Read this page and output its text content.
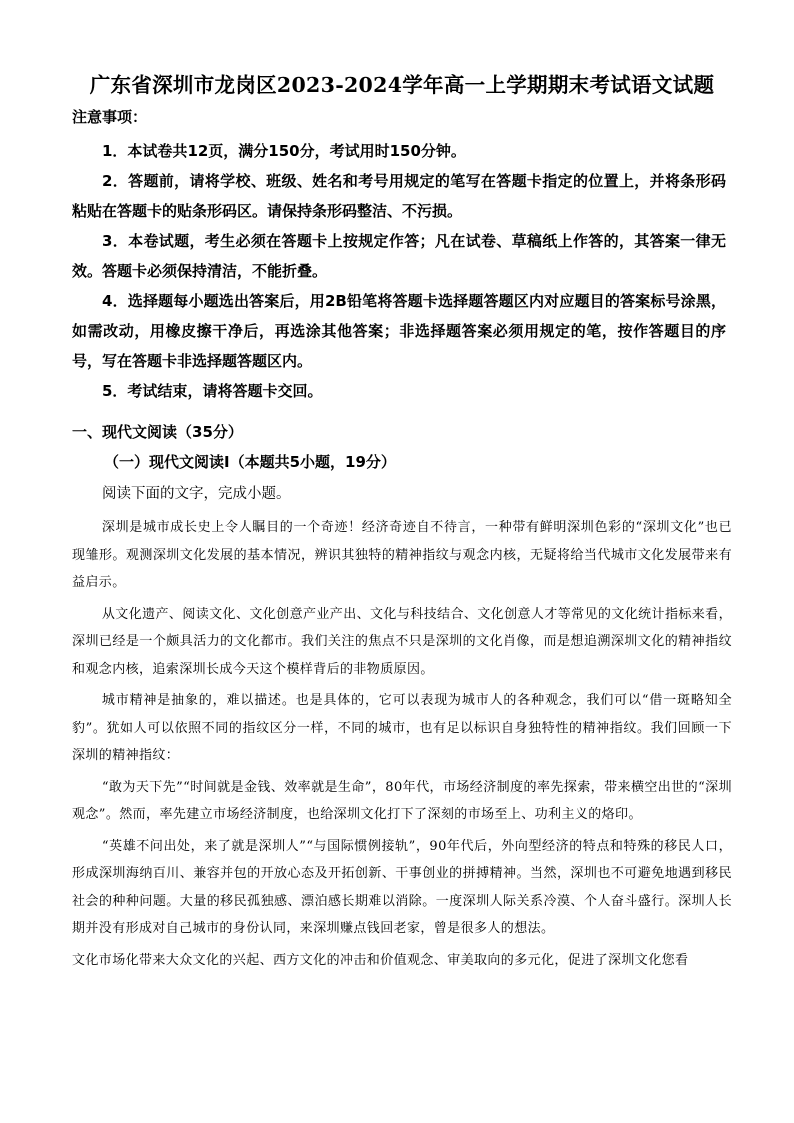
广东省深圳市龙岗区2023-2024学年高一上学期期末考试语文试题
注意事项：

1．本试卷共12页，满分150分，考试用时150分钟。

2．答题前，请将学校、班级、姓名和考号用规定的笔写在答题卡指定的位置上，并将条形码粘贴在答题卡的贴条形码区。请保持条形码整洁、不污损。

3．本卷试题，考生必须在答题卡上按规定作答；凡在试卷、草稿纸上作答的，其答案一律无效。答题卡必须保持清洁，不能折叠。

4．选择题每小题选出答案后，用2B铅笔将答题卡选择题答题区内对应题目的答案标号涂黑，如需改动，用橡皮擦干净后，再选涂其他答案；非选择题答案必须用规定的笔，按作答题目的序号，写在答题卡非选择题答题区内。

5．考试结束，请将答题卡交回。

一、现代文阅读（35分）
（一）现代文阅读Ⅰ（本题共5小题，19分）
阅读下面的文字，完成小题。

深圳是城市成长史上令人瞩目的一个奇迹！经济奇迹自不待言，一种带有鲜明深圳色彩的“深圳文化”也已现雏形。观测深圳文化发展的基本情况，辨识其独特的精神指纹与观念内核，无疑将给当代城市文化发展带来有益启示。

从文化遗产、阅读文化、文化创意产业产出、文化与科技结合、文化创意人才等常见的文化统计指标来看，深圳已经是一个颇具活力的文化都市。我们关注的焦点不只是深圳的文化肖像，而是想追溯深圳文化的精神指纹和观念内核，追索深圳长成今天这个模样背后的非物质原因。

城市精神是抽象的，难以描述。也是具体的，它可以表现为城市人的各种观念，我们可以“借一斑略知全豹”。犹如人可以依照不同的指纹区分一样，不同的城市，也有足以标识自身独特性的精神指纹。我们回顾一下深圳的精神指纹：

“敢为天下先”“时间就是金钱、效率就是生命”，80年代，市场经济制度的率先探索，带来横空出世的“深圳观念”。然而，率先建立市场经济制度，也给深圳文化打下了深刻的市场至上、功利主义的烙印。

“英雄不问出处，来了就是深圳人”“与国际惯例接轨”，90年代后，外向型经济的特点和特殊的移民人口，形成深圳海纳百川、兼容并包的开放心态及开拓创新、干事创业的拼搏精神。当然，深圳也不可避免地遇到移民社会的种种问题。大量的移民孤独感、漂泊感长期难以消除。一度深圳人际关系冷漠、个人奋斗盛行。深圳人长期并没有形成对自己城市的身份认同，来深圳赚点钱回老家，曾是很多人的想法。

文化市场化带来大众文化的兴起、西方文化的冲击和价值观念、审美取向的多元化，促进了深圳文化您看
